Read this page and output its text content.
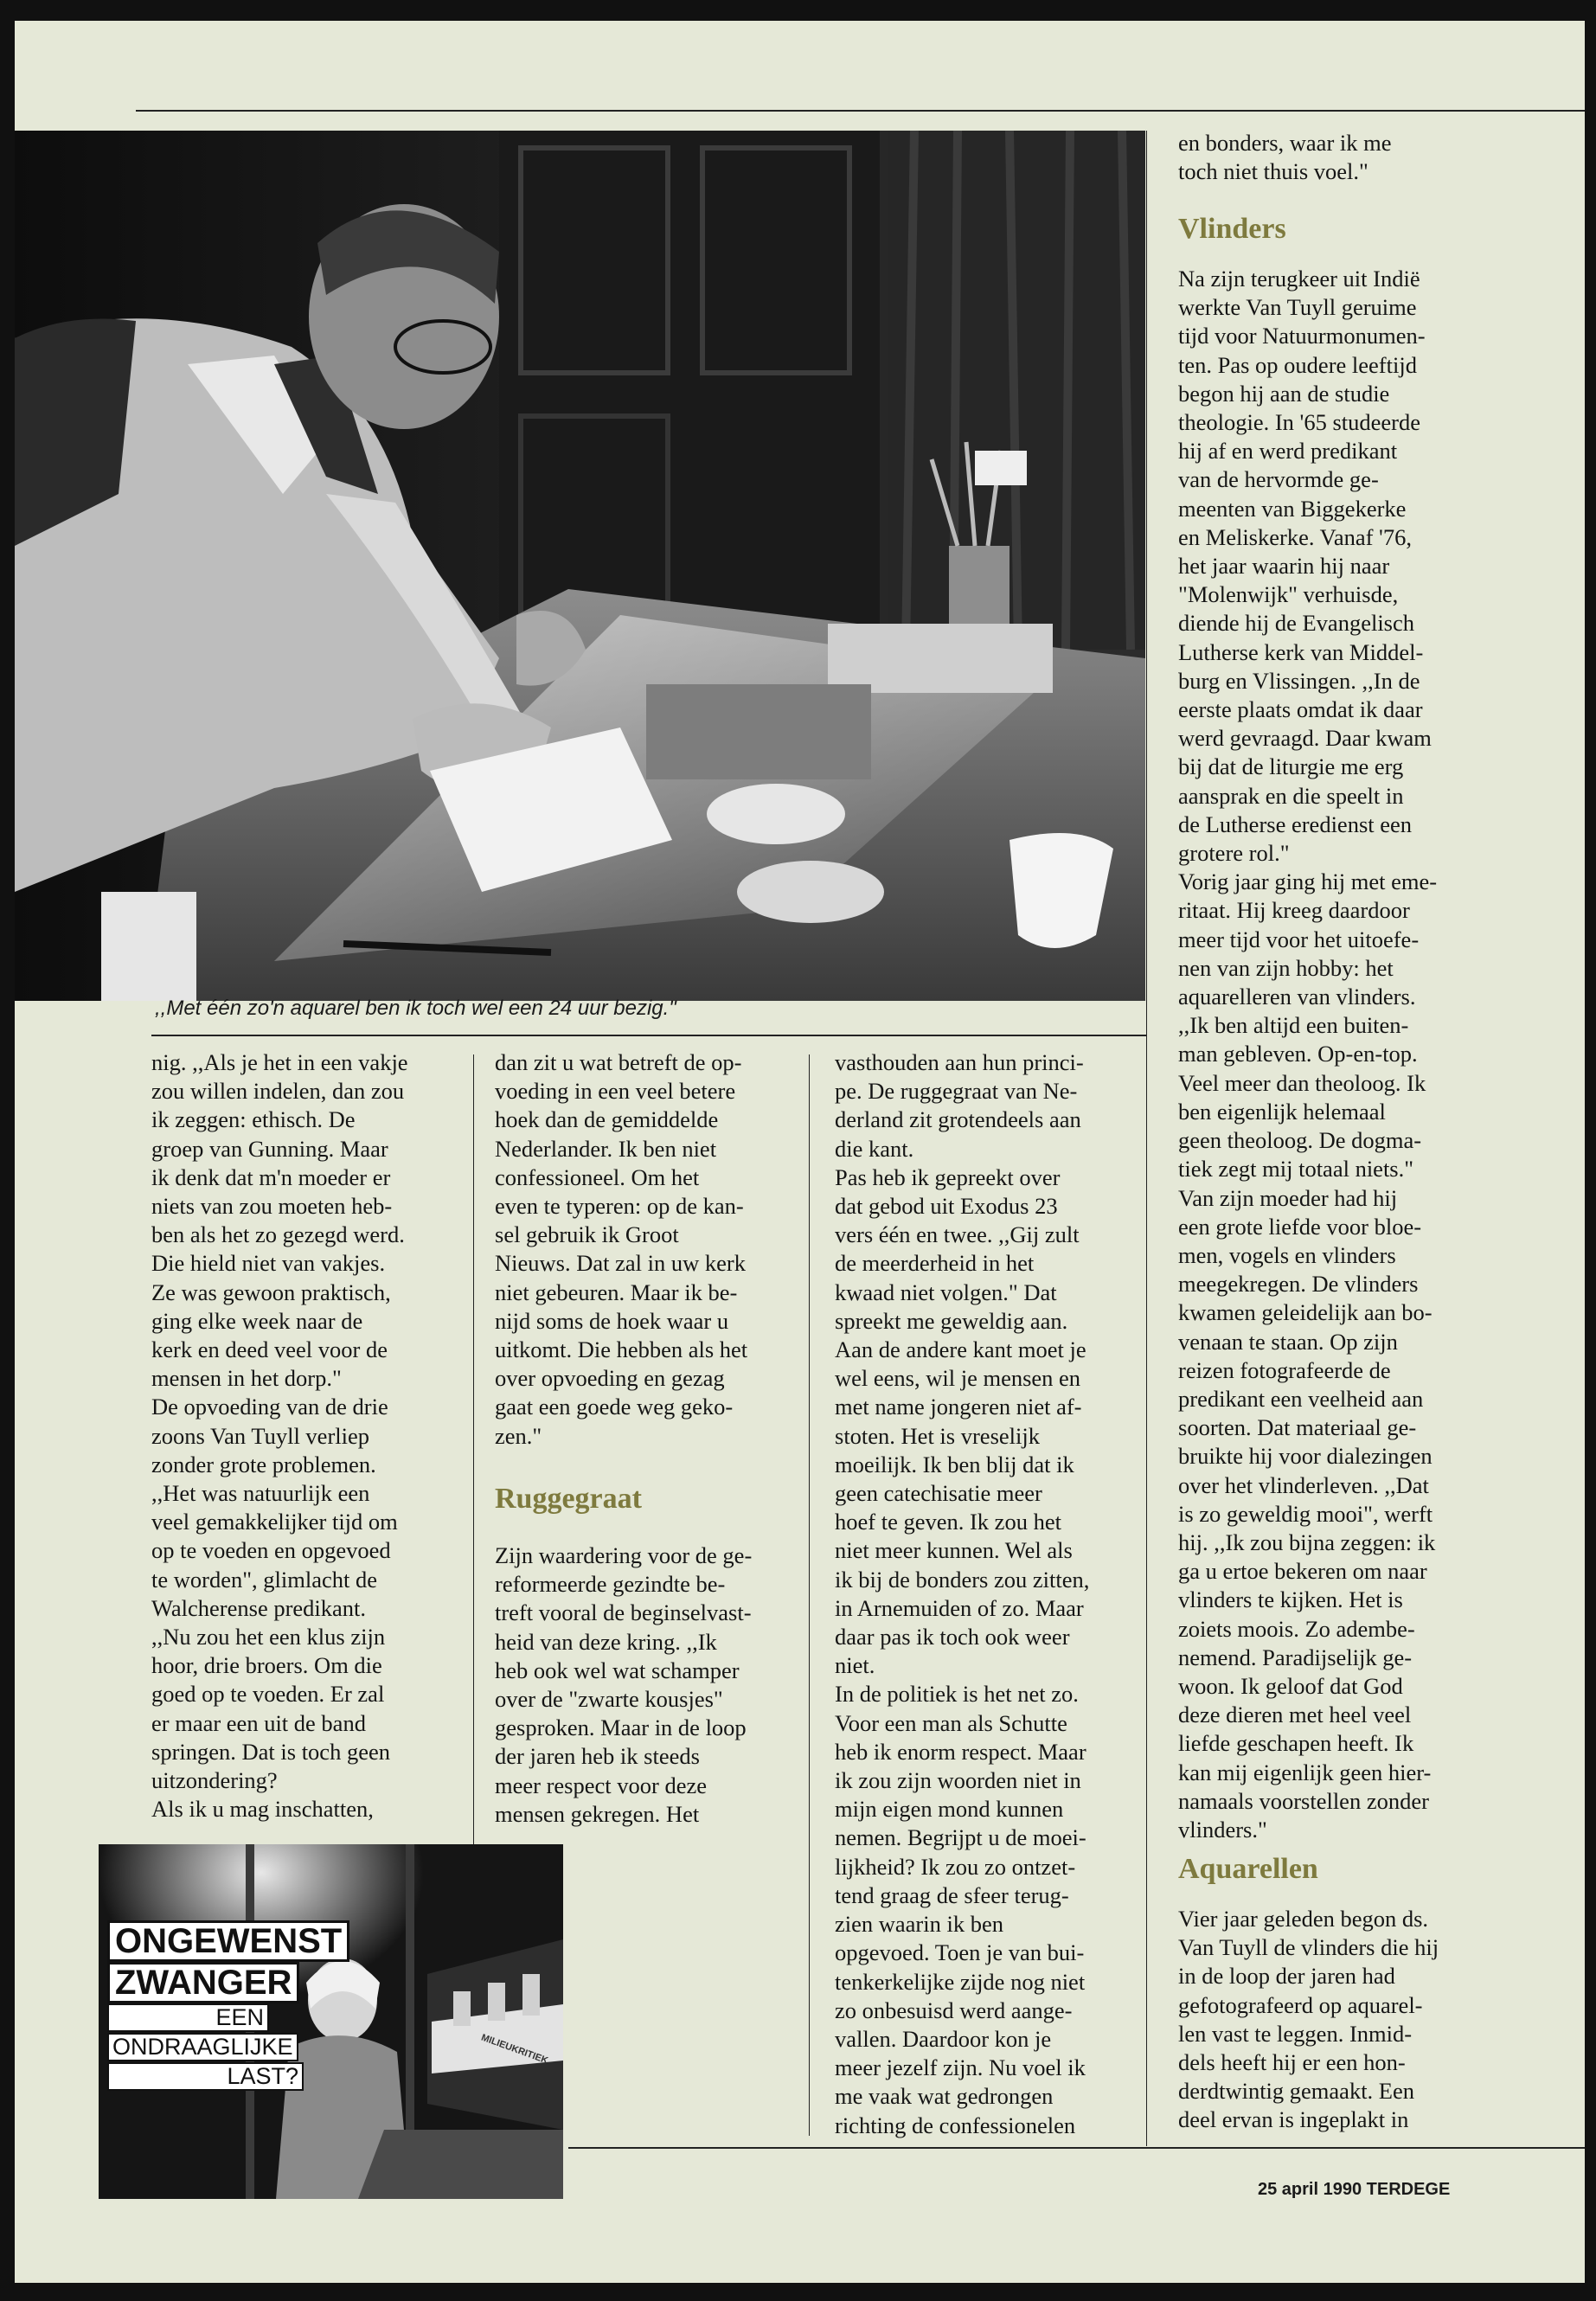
,,Met één zo'n aquarel ben ik toch wel een 24 uur bezig."

nig. ,,Als je het in een vakje

zou willen indelen, dan zou

ik zeggen: ethisch. De

groep van Gunning. Maar

ik denk dat m'n moeder er

niets van zou moeten heb-

ben als het zo gezegd werd.

Die hield niet van vakjes.

Ze was gewoon praktisch,

ging elke week naar de

kerk en deed veel voor de

mensen in het dorp."

De opvoeding van de drie

zoons Van Tuyll verliep

zonder grote problemen.

,,Het was natuurlijk een

veel gemakkelijker tijd om

op te voeden en opgevoed

te worden", glimlacht de

Walcherense predikant.

,,Nu zou het een klus zijn

hoor, drie broers. Om die

goed op te voeden. Er zal

er maar een uit de band

springen. Dat is toch geen

uitzondering?

Als ik u mag inschatten,

dan zit u wat betreft de op-

voeding in een veel betere

hoek dan de gemiddelde

Nederlander. Ik ben niet

confessioneel. Om het

even te typeren: op de kan-

sel gebruik ik Groot

Nieuws. Dat zal in uw kerk

niet gebeuren. Maar ik be-

nijd soms de hoek waar u

uitkomt. Die hebben als het

over opvoeding en gezag

gaat een goede weg geko-

zen."

Ruggegraat

Zijn waardering voor de ge-

reformeerde gezindte be-

treft vooral de beginselvast-

heid van deze kring. ,,Ik

heb ook wel wat schamper

over de "zwarte kousjes"

gesproken. Maar in de loop

der jaren heb ik steeds

meer respect voor deze

mensen gekregen. Het

vasthouden aan hun princi-

pe. De ruggegraat van Ne-

derland zit grotendeels aan

die kant.

Pas heb ik gepreekt over

dat gebod uit Exodus 23

vers één en twee. ,,Gij zult

de meerderheid in het

kwaad niet volgen." Dat

spreekt me geweldig aan.

Aan de andere kant moet je

wel eens, wil je mensen en

met name jongeren niet af-

stoten. Het is vreselijk

moeilijk. Ik ben blij dat ik

geen catechisatie meer

hoef te geven. Ik zou het

niet meer kunnen. Wel als

ik bij de bonders zou zitten,

in Arnemuiden of zo. Maar

daar pas ik toch ook weer

niet.

In de politiek is het net zo.

Voor een man als Schutte

heb ik enorm respect. Maar

ik zou zijn woorden niet in

mijn eigen mond kunnen

nemen. Begrijpt u de moei-

lijkheid? Ik zou zo ontzet-

tend graag de sfeer terug-

zien waarin ik ben

opgevoed. Toen je van bui-

tenkerkelijke zijde nog niet

zo onbesuisd werd aange-

vallen. Daardoor kon je

meer jezelf zijn. Nu voel ik

me vaak wat gedrongen

richting de confessionelen

en bonders, waar ik me

toch niet thuis voel."

Vlinders

Na zijn terugkeer uit Indië

werkte Van Tuyll geruime

tijd voor Natuurmonumen-

ten. Pas op oudere leeftijd

begon hij aan de studie

theologie. In '65 studeerde

hij af en werd predikant

van de hervormde ge-

meenten van Biggekerke

en Meliskerke. Vanaf '76,

het jaar waarin hij naar

"Molenwijk" verhuisde,

diende hij de Evangelisch

Lutherse kerk van Middel-

burg en Vlissingen. ,,In de

eerste plaats omdat ik daar

werd gevraagd. Daar kwam

bij dat de liturgie me erg

aansprak en die speelt in

de Lutherse eredienst een

grotere rol."

Vorig jaar ging hij met eme-

ritaat. Hij kreeg daardoor

meer tijd voor het uitoefe-

nen van zijn hobby: het

aquarelleren van vlinders.

,,Ik ben altijd een buiten-

man gebleven. Op-en-top.

Veel meer dan theoloog. Ik

ben eigenlijk helemaal

geen theoloog. De dogma-

tiek zegt mij totaal niets."

Van zijn moeder had hij

een grote liefde voor bloe-

men, vogels en vlinders

meegekregen. De vlinders

kwamen geleidelijk aan bo-

venaan te staan. Op zijn

reizen fotografeerde de

predikant een veelheid aan

soorten. Dat materiaal ge-

bruikte hij voor dialezingen

over het vlinderleven. ,,Dat

is zo geweldig mooi", werft

hij. ,,Ik zou bijna zeggen: ik

ga u ertoe bekeren om naar

vlinders te kijken. Het is

zoiets moois. Zo adembe-

nemend. Paradijselijk ge-

woon. Ik geloof dat God

deze dieren met heel veel

liefde geschapen heeft. Ik

kan mij eigenlijk geen hier-

namaals voorstellen zonder

vlinders."

Aquarellen

Vier jaar geleden begon ds.

Van Tuyll de vlinders die hij

in de loop der jaren had

gefotografeerd op aquarel-

len vast te leggen. Inmid-

dels heeft hij er een hon-

derdtwintig gemaakt. Een

deel ervan is ingeplakt in

ONGEWENST
ZWANGER
EEN
ONDRAAGLIJKE
LAST?
MILIEUKRITIEK
25 april 1990 TERDEGE
